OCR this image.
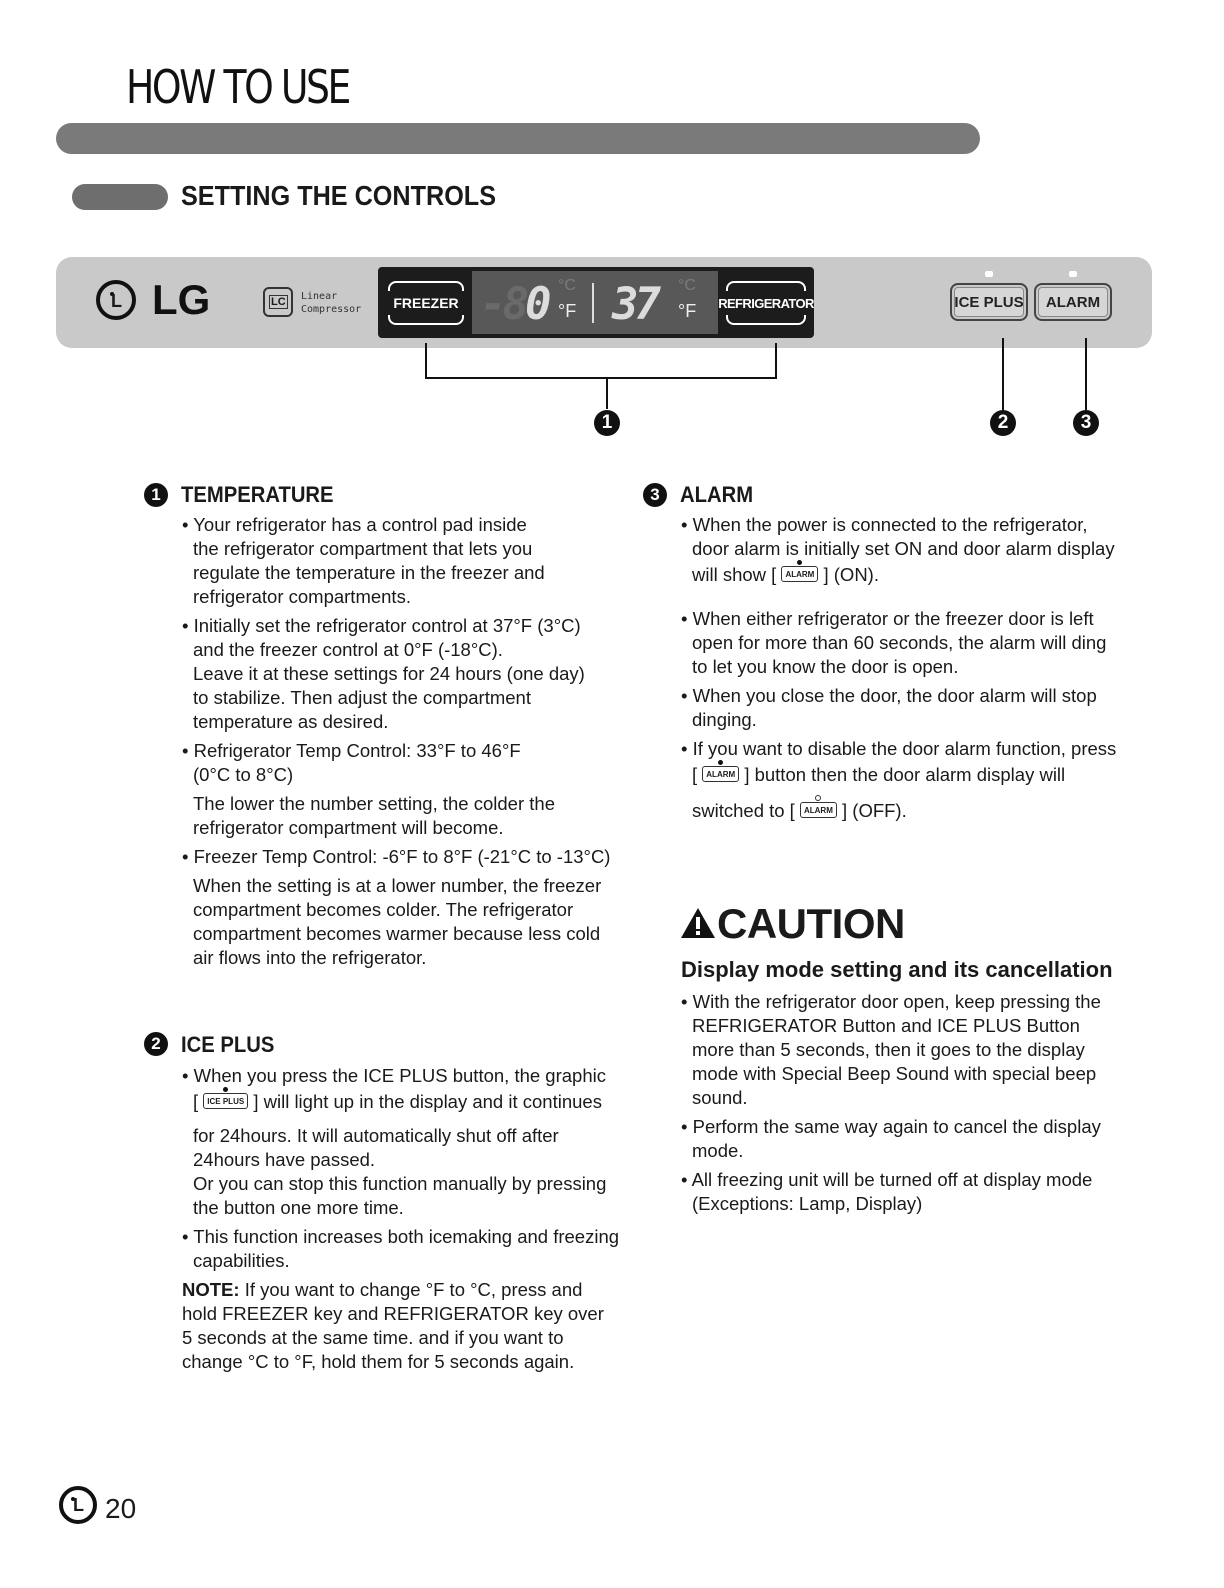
HOW TO USE
SETTING THE CONTROLS
L LG	LC Linear
Compressor FREEZER -80 °C
°F 37 °C
°F REFRIGERATOR	ICE PLUS	ALARM
1	2	3
1 TEMPERATURE

• Your refrigerator has a control pad inside

the refrigerator compartment that lets you

regulate the temperature in the freezer and

refrigerator compartments.

• Initially set the refrigerator control at 37°F (3°C)

and the freezer control at 0°F (-18°C).

Leave it at these settings for 24 hours (one day)

to stabilize. Then adjust the compartment

temperature as desired.

• Refrigerator Temp Control: 33°F to 46°F

(0°C to 8°C)

The lower the number setting, the colder the

refrigerator compartment will become.

• Freezer Temp Control: -6°F to 8°F (-21°C to -13°C)

When the setting is at a lower number, the freezer

compartment becomes colder. The refrigerator

compartment becomes warmer because less cold

air flows into the refrigerator.

2 ICE PLUS

• When you press the ICE PLUS button, the graphic

[ ICE PLUS ] will light up in the display and it continues

for 24hours. It will automatically shut off after

24hours have passed.

Or you can stop this function manually by pressing

the button one more time.

• This function increases both icemaking and freezing

capabilities.

NOTE: If you want to change °F to °C, press and

hold FREEZER key and REFRIGERATOR key over

5 seconds at the same time. and if you want to

change °C to °F, hold them for 5 seconds again.

3 ALARM

• When the power is connected to the refrigerator,

door alarm is initially set ON and door alarm display

will show [ ALARM ] (ON).

• When either refrigerator or the freezer door is left

open for more than 60 seconds, the alarm will ding

to let you know the door is open.

• When you close the door, the door alarm will stop

dinging.

• If you want to disable the door alarm function, press

[ ALARM ] button then the door alarm display will

switched to [ ALARM ] (OFF).

CAUTION
Display mode setting and its cancellation

• With the refrigerator door open, keep pressing the

REFRIGERATOR Button and ICE PLUS Button

more than 5 seconds, then it goes to the display

mode with Special Beep Sound with special beep

sound.

• Perform the same way again to cancel the display

mode.

• All freezing unit will be turned off at display mode

(Exceptions: Lamp, Display)

L 20
